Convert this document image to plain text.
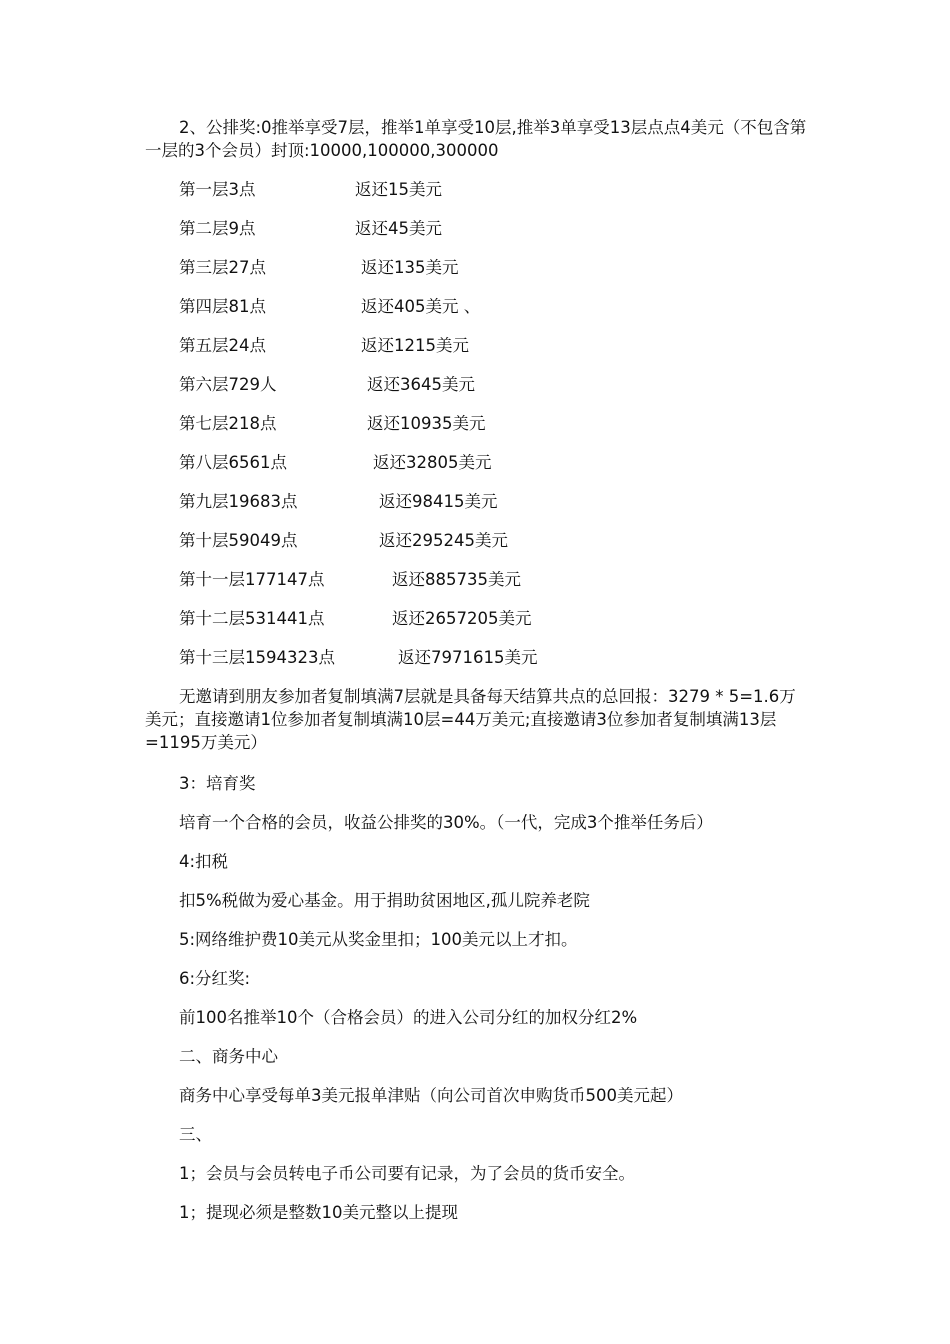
2、公排奖:0推举享受7层，推举1单享受10层,推举3单享受13层点点4美元（不包含第一层的3个会员）封顶:10000,100000,300000

第一层3点	返还15美元
第二层9点	返还45美元
第三层27点	返还135美元
第四层81点	返还405美元 、
第五层24点	返还1215美元
第六层729人	返还3645美元
第七层218点	返还10935美元
第八层6561点	返还32805美元
第九层19683点	返还98415美元
第十层59049点	返还295245美元
第十一层177147点	返还885735美元
第十二层531441点	返还2657205美元
第十三层1594323点	返还7971615美元

无邀请到朋友参加者复制填满7层就是具备每天结算共点的总回报：3279 * 5=1.6万美元；直接邀请1位参加者复制填满10层=44万美元;直接邀请3位参加者复制填满13层=1195万美元）

3：培育奖

培育一个合格的会员，收益公排奖的30%。（一代，完成3个推举任务后）

4:扣税

扣5%税做为爱心基金。用于捐助贫困地区,孤儿院养老院

5:网络维护费10美元从奖金里扣；100美元以上才扣。

6:分红奖:

前100名推举10个（合格会员）的进入公司分红的加权分红2%

二、商务中心

商务中心享受每单3美元报单津贴（向公司首次申购货币500美元起）

三、

1；会员与会员转电子币公司要有记录，为了会员的货币安全。

1；提现必须是整数10美元整以上提现
